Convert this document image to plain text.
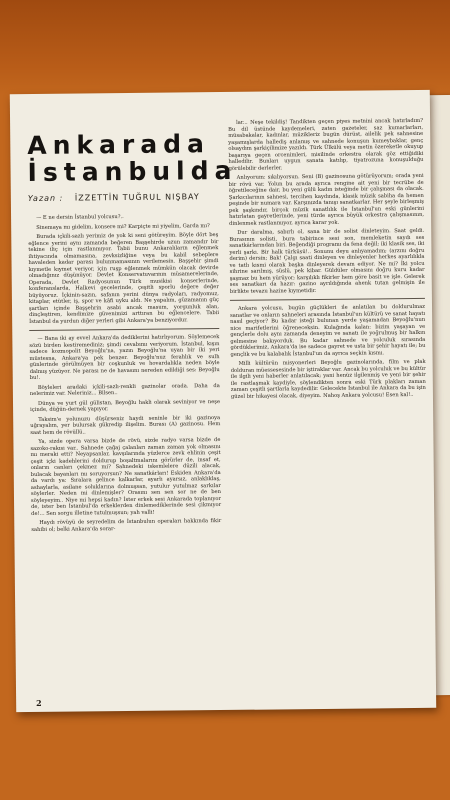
Ankarada
İstanbulda
Yazan : İZZETTİN TUĞRUL NIŞBAY

— E ne dersin İstanbul yolcusu?..

Sinemaya mı gidelim, konsere mi? Karpiçte mi yiyelim, Garda mı?

Burada içkili-sazlı yerimiz de yok ki seni götüreyim. Böyle dört beş eğlence yerini aynı zamanda beğeren Başşehirde uzun zamandır bir tekine iliç için rastlanmıyor. Tabii bunu Ankaralıların eğlenmek ihtiyacında olmamasına, zevksizliğine veya bu kabil sebeplere havaleden kadar parası bulunmamasının verilemesin. Başşehir şimdi kıymetle kıymet veriyor, için ruşp eğlenmek mümkün olacak devirde olmadığınız düşünüyor. Devlet Konservatuvarının müsamerelerinde, Operada, Devlet Radyosunun Türk musikisi konserlerinde, konferanslarda, Halkevi gecelerinde, çeşitli sporlu değere değer büyüyoruz. İçkinin-sazın, safanın yerini dünya radyoları, radyomuz, kitaplar, etütler, iş, spor ve kâfi uyku aldı. Ne yapalım, güzamanın güç şartları içinde Başşehrin asabi ancak masum, yorgunluk alan, dinçleştiren, kendimize güvenimizi arttıran bu eğlencelere. Tabii İstanbul da yurdun diğer yerleri gibi Ankara'ya benziyordur.

— Bana iki ay evvel Ankara'da dediklerini hatırlıyorum. Söylemecek sözü birden kestiremediniz; şimdi cevabımı veriyorum. İstanbul, kışın sadece kozmopolit Beyoğlu'na, yazın Beyoğlu'na uyan bir iki yeri müstesna, Ankara'ya pek benzer. Beyoğlu'nuz ferahlık ve sulh günlerinde görülmüyen bir coşkunluk ve hovardalıkla neden böyle dalmış yüzüyor. Ne parası ne de havasını nereden edildiği ses: Beyoğlu bu!.

Böyleleri aradaki içkili-sazlı-renkli gazinolar orada. Daha da nelerimiz var. Neleriniz... Bilsen..

Dünya ve yurt gül gülistan, Beyoğlu hakli olarak seviniyor ve neşe içinde, düğün-dernek yapıyor.

Taksim'e yolunuzu düşürseniz haydi seninle bir iki gazinoya uğrayalım, yer bulursak gükredip ilişelim. Burası (A) gazinosu. Hem saat hem de rövüllü..

Ya, sizde opera varsa bizde de rövü, sizde radyo varsa bizde de sazoko-rakısı var.. Sahnede çağaj çalanları zaman zaman yok olmasını mı meraki etti? Neyapsanlar, kavşılarında yüzlerce zevk ehlinin çeşit çeşit içki kadehlerini doldurup boşaltmalarını görürler de, insaf et, onların canları çekmez mi? Sahnedeki iskemlelere düzili alacak, bulacak bayanları mı soruyorsun? Ne sanatkârları! Eskiden Ankara'da da vardı ya: Sıralara gelince kalkarlar, ayarlı ayarsız, anlaklıklaş, ashaylarla, asilane soluklarına dolmuşsan, yutulur yutulmaz sarkılar söylerler. Neden mi dinlemişler? Orasını sen sen sor ne de ben söyleyeyim.. Niye mi hepsi kadın? İster erkek sesi Ankarada toplanıyor de, ister ben İstanbul'da erkeklerden dinlemediklerinde sesi çikmıyor de!... Sen sorgu illetine tutulmuşsun; yah valli!

Haydı rövüyü de seyredelim de İstanbulun operaları hakkında fikir sahibi ol; belki Ankara'da sorar-

lar... Neşe tekildiş! Tandikten geçen piyes metnini ancak hatırladım? Bu dil üstünde kaydemeleri, zaten gazeteler, saz kumarlarları, müsabakalar, kadınlar, müzikleriz bugün dürüst, ailelik pek sahnesine yaşamışlarda hallediş anlamış ve sahnede konuşun kumeybaklar, genç olsaydım şarkiçilimize yazıldı. Türk Ülkülü veya metin özereketle okuyup başarıya geçen orcenimleri, misilinde orkestra olarak göz ettiğidiki halledilir. Bunları uygun sanata katılıp, tiyatrozuna konuşulduğu görülebilir derlerler.

Anlıyorum: sıkılıyorsun. Seni (B) gazinosuna götürüyorum; orada yeni bir rövü var. Yolun bu arada ayrıca rengine ait yeni bir tecrübe de öğretileceğine dair, bu yeni gülü kadın isteğinde bir çalışması da olacak. Şarkıcılarının sahnesi, tercihen kaydında, klasik müzik sabiha da hemen peşinde bir numara var. Karşınızda tanışı sanatkarlar. Her şeyle birleşmiş pek şaşkındır, birçok müzik sanatlılık ile İstanbul'un eski günlerini hatırlatan gayretlerinde, yeni türde ayrıca büyük orkestra çalışmasının, dinlenmek rastlanmıyor, ayrıca karar yok.

Dur daralma, sabırlı ol, sana bir de solist dinleteyim. Saat geldi. Burasının solisti, bura tabirince sesi son, memleketin saydı ses sanatkârlarından biri. Beğendiği programı da fena değil; iki klasik ses, iki yerli şarkı. Bir halk türküsü!.. Sonunu deyu anlıyamadım; (arzını doğru derim) dersin; Bak! Çalgı saati dinleyen ve dinleyenler herkes ayarlılıkla ve tatlı kısmi olarak başka dinleyerek devam ediyor. Ne mi? İki yolcu sihrine sarılmış, süslü, pek kibar. Güldüler olmasını doğru kuru kadar şaşmaz bu hem yürüyor; karşılıklı fikirler hem göre basit ve işle. Gelerek ses sanatkarı da hazır: gazino ayrıldığında ahenk tutan gelmişin ile birlikte tevazu hazine kıymetidir.

Ankara yolcusu, bugün güçlükleri ile anlatılan bu doldurulmaz sanatlar ve onların sahneleri arasında İstanbul'un kültürü ve sanat hayatı nasıl geçiyor? Bu kadar isteği bulunan yerde yaşamadan Beyoğlu'nun nice marifetlerini öğreneceksin. Kulağında kalan: bizim yaşayan ve gençlerle dolu aynı zamanda deneyim ve sanatı ile yoğrulmuş bir halkın gelmesine bakıyorduk. Bu kadar sahnede ve yolculuk sırasında gördüklerimiz, Ankara'da ise sadece gayret ve usta bir şehir hayatı ile; bu gençlik ve bu kalabalık İstanbul'un da ayrıca seçkin kısmı.

Milli kültürün misyonerleri Beyoğlu gazinolarında, film ve plak dolduran müessesesinde bir iştiraklar var. Ancak bu yolculuk ve bu kültür ile ilgili yeni haberler anlatılacak; yani henüz ilgilenmiş ve yeni bir şehir ile rastlaşmak kaydiyle, söylendikten sonra eski Türk plakları zaman zaman çeşitli şartlarla kaydedilir. Gelecekte İstanbul ile Ankara da bu işin güzel bir hikayesi olacak, diyeyim. Nahoş Ankara yolcusu! Esen kal!..

2
